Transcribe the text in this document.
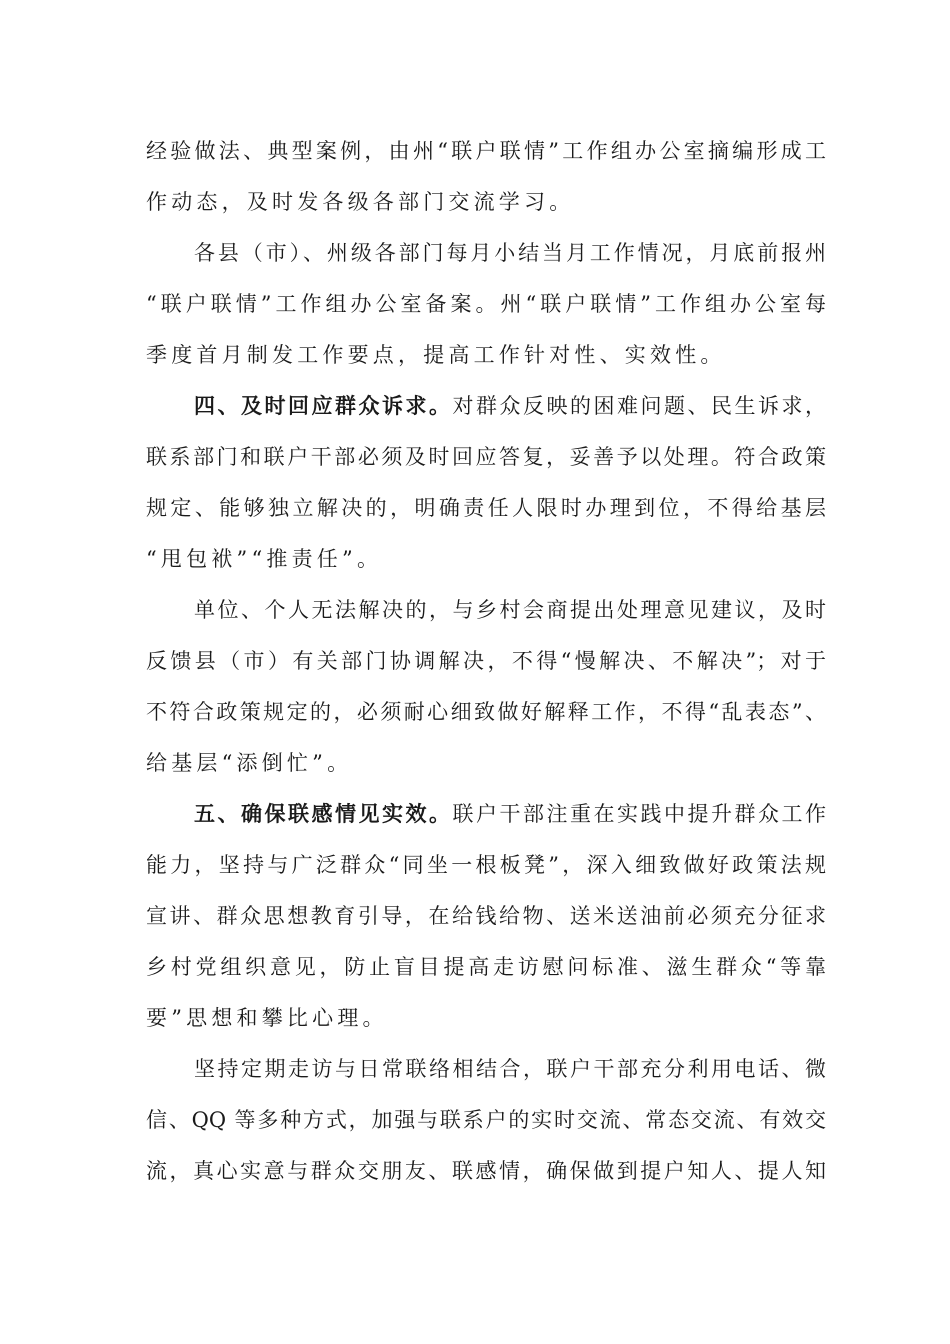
经验做法、典型案例，由州“联户联情”工作组办公室摘编形成工
作动态，及时发各级各部门交流学习。
各县（市）、州级各部门每月小结当月工作情况，月底前报州
“联户联情”工作组办公室备案。州“联户联情”工作组办公室每
季度首月制发工作要点，提高工作针对性、实效性。
四、及时回应群众诉求。对群众反映的困难问题、民生诉求，
联系部门和联户干部必须及时回应答复，妥善予以处理。符合政策
规定、能够独立解决的，明确责任人限时办理到位，不得给基层
“甩包袱”“推责任”。
单位、个人无法解决的，与乡村会商提出处理意见建议，及时
反馈县（市）有关部门协调解决，不得“慢解决、不解决”；对于
不符合政策规定的，必须耐心细致做好解释工作，不得“乱表态”、
给基层“添倒忙”。
五、确保联感情见实效。联户干部注重在实践中提升群众工作
能力，坚持与广泛群众“同坐一根板凳”，深入细致做好政策法规
宣讲、群众思想教育引导，在给钱给物、送米送油前必须充分征求
乡村党组织意见，防止盲目提高走访慰问标准、滋生群众“等靠
要”思想和攀比心理。
坚持定期走访与日常联络相结合，联户干部充分利用电话、微
信、QQ 等多种方式，加强与联系户的实时交流、常态交流、有效交
流，真心实意与群众交朋友、联感情，确保做到提户知人、提人知
